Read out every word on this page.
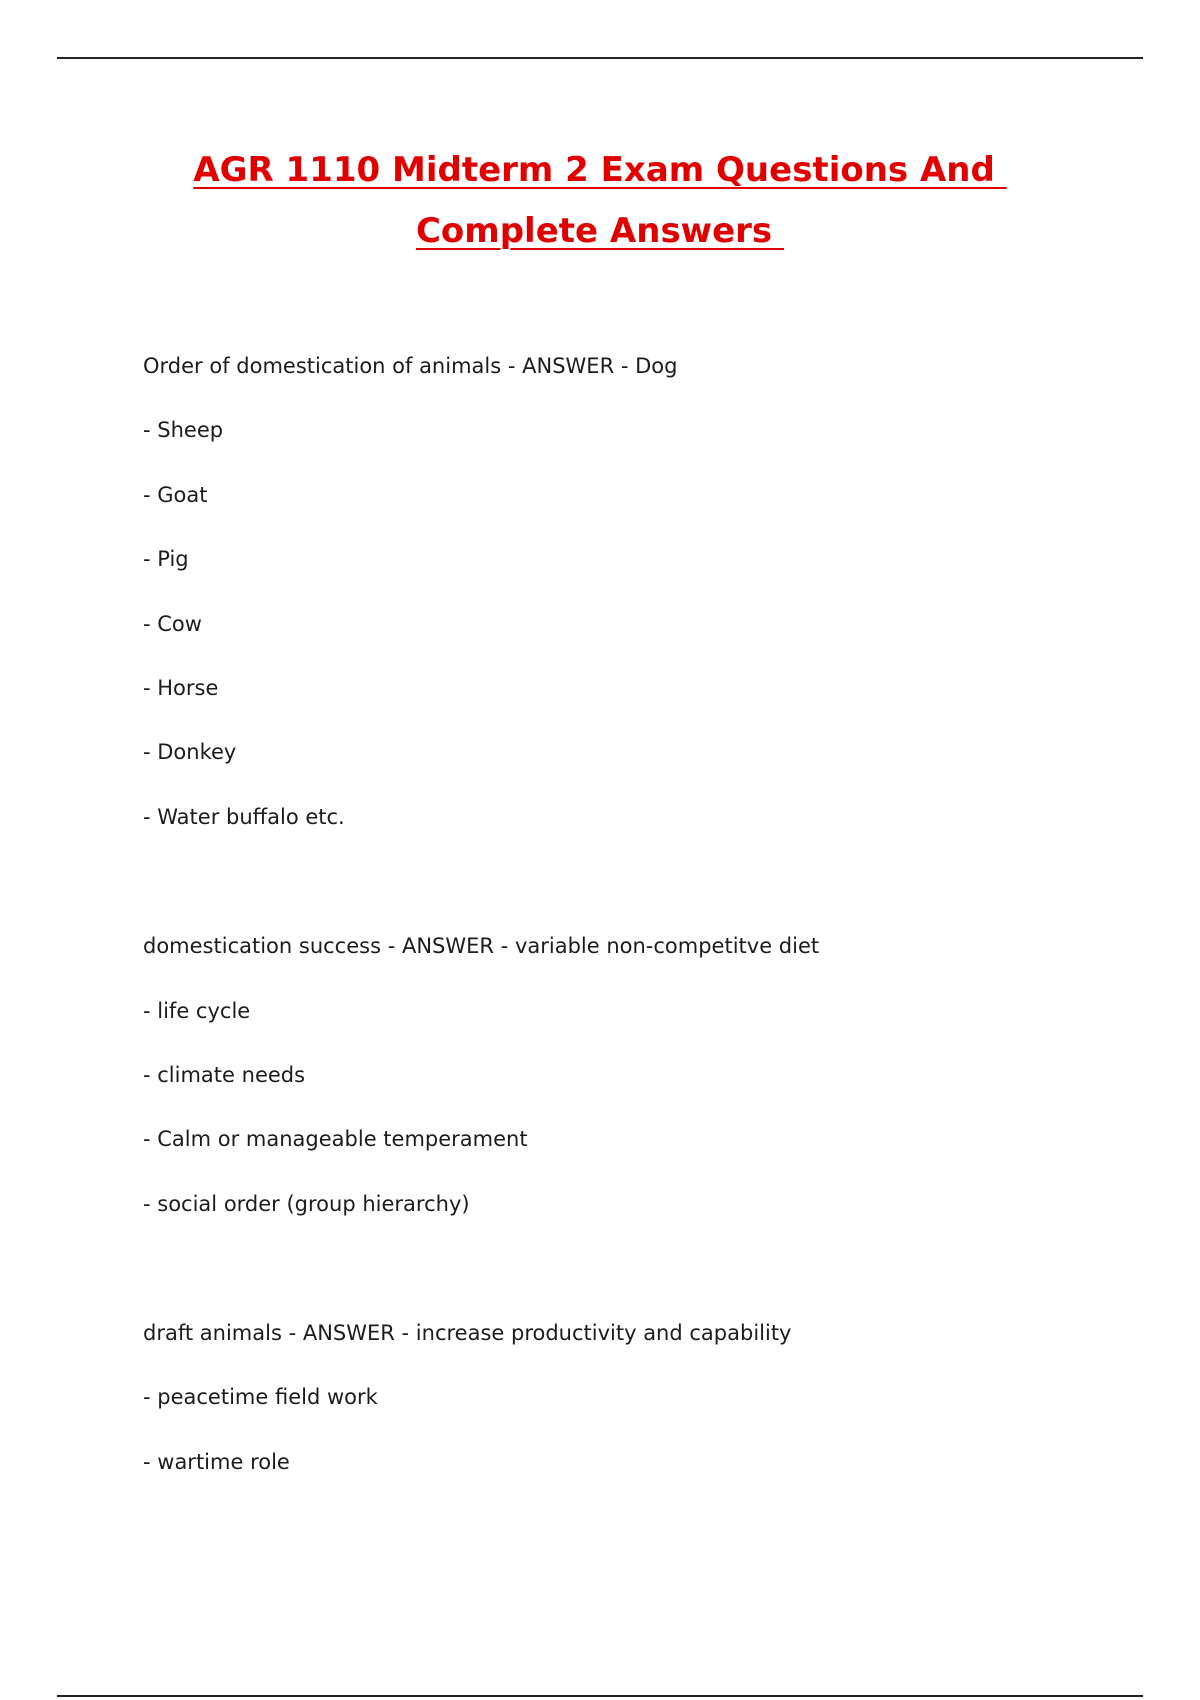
AGR 1110 Midterm 2 Exam Questions And
Complete Answers
Order of domestication of animals - ANSWER - Dog
- Sheep
- Goat
- Pig
- Cow
- Horse
- Donkey
- Water buffalo etc.
domestication success - ANSWER - variable non-competitve diet
- life cycle
- climate needs
- Calm or manageable temperament
- social order (group hierarchy)
draft animals - ANSWER - increase productivity and capability
- peacetime field work
- wartime role
